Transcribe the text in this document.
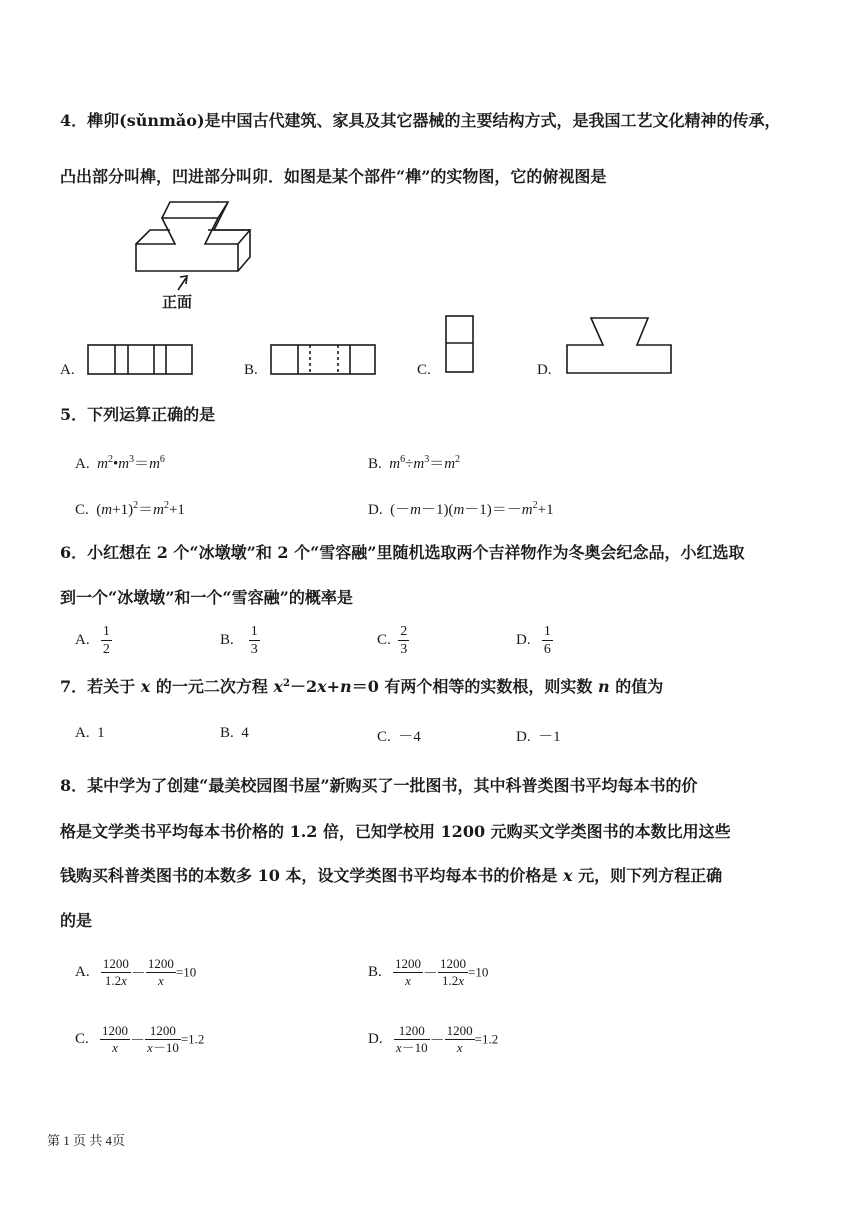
4．榫卯(sǔnmǎo)是中国古代建筑、家具及其它器械的主要结构方式，是我国工艺文化精神的传承，
凸出部分叫榫，凹进部分叫卯．如图是某个部件“榫”的实物图，它的俯视图是
正面
A.	B.	C.	D.
5．下列运算正确的是
A. $m^2•m^3=m^6$	B. $m^6\div m^3=m^2$
C.  $(m+1)^2=m^2+1$	D.  $(-m-1)(m-1)=-m^2+1$
6．小红想在 2 个“冰墩墩”和 2 个“雪容融”里随机选取两个吉祥物作为冬奥会纪念品，小红选取
到一个“冰墩墩”和一个“雪容融”的概率是
A. $\frac{1}{2}$	B. $\frac{1}{3}$	C. $\frac{2}{3}$	D. $\frac{1}{6}$
7．若关于 x 的一元二次方程 $x^2-2x+n=0$ 有两个相等的实数根，则实数 n 的值为
A. 1	B. 4	C. －4	D. －1
8．某中学为了创建“最美校园图书屋”新购买了一批图书，其中科普类图书平均每本书的价
格是文学类书平均每本书价格的 1.2 倍，已知学校用 1200 元购买文学类图书的本数比用这些
钱购买科普类图书的本数多 10 本，设文学类图书平均每本书的价格是 x 元，则下列方程正确
的是
A. $\frac{1200}{1.2x} - \frac{1200}{x} =10$	B. $\frac{1200}{x} - \frac{1200}{1.2x} =10$
C. $\frac{1200}{x} - \frac{1200}{x-10} =1.2$	D. $\frac{1200}{x-10} - \frac{1200}{x} =1.2$
第 1 页 共 4页
